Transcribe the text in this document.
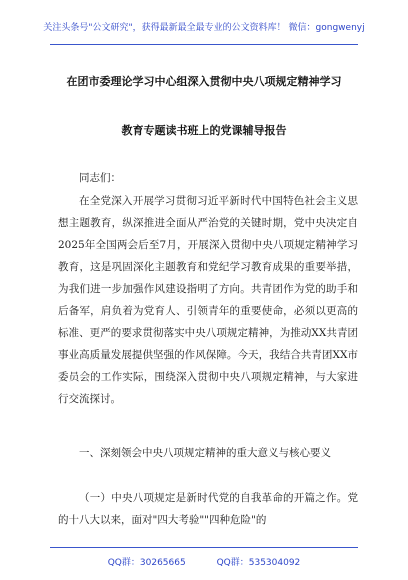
关注头条号"公文研究"，获得最新最全最专业的公文资料库！ 微信：gongwenyj
在团市委理论学习中心组深入贯彻中央八项规定精神学习
教育专题读书班上的党课辅导报告
同志们：
在全党深入开展学习贯彻习近平新时代中国特色社会主义思想主题教育，纵深推进全面从严治党的关键时期，党中央决定自2025年全国两会后至7月，开展深入贯彻中央八项规定精神学习教育，这是巩固深化主题教育和党纪学习教育成果的重要举措，为我们进一步加强作风建设指明了方向。共青团作为党的助手和后备军，肩负着为党育人、引领青年的重要使命，必须以更高的标准、更严的要求贯彻落实中央八项规定精神，为推动XX共青团事业高质量发展提供坚强的作风保障。今天，我结合共青团XX市委员会的工作实际，围绕深入贯彻中央八项规定精神，与大家进行交流探讨。
一、深刻领会中央八项规定精神的重大意义与核心要义
（一）中央八项规定是新时代党的自我革命的开篇之作。党的十八大以来，面对"四大考验""四种危险"的
QQ群：30265665	QQ群：535304092
